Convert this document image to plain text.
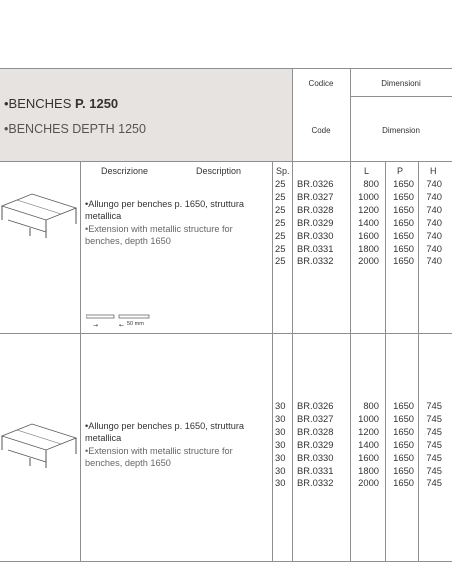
•BENCHES P. 1250
•BENCHES DEPTH 1250
Codice
Code
Dimensioni
Dimension
Descrizione	Description	Sp.	L	P	H
→	← 50 mm
•Allungo per benches p. 1650, struttura metallica
•Extension with metallic structure for benches, depth 1650
25	BR.0326	800	1650	740
25	BR.0327	1000	1650	740
25	BR.0328	1200	1650	740
25	BR.0329	1400	1650	740
25	BR.0330	1600	1650	740
25	BR.0331	1800	1650	740
25	BR.0332	2000	1650	740
•Allungo per benches p. 1650, struttura metallica
•Extension with metallic structure for benches, depth 1650
30	BR.0326	800	1650	745
30	BR.0327	1000	1650	745
30	BR.0328	1200	1650	745
30	BR.0329	1400	1650	745
30	BR.0330	1600	1650	745
30	BR.0331	1800	1650	745
30	BR.0332	2000	1650	745
